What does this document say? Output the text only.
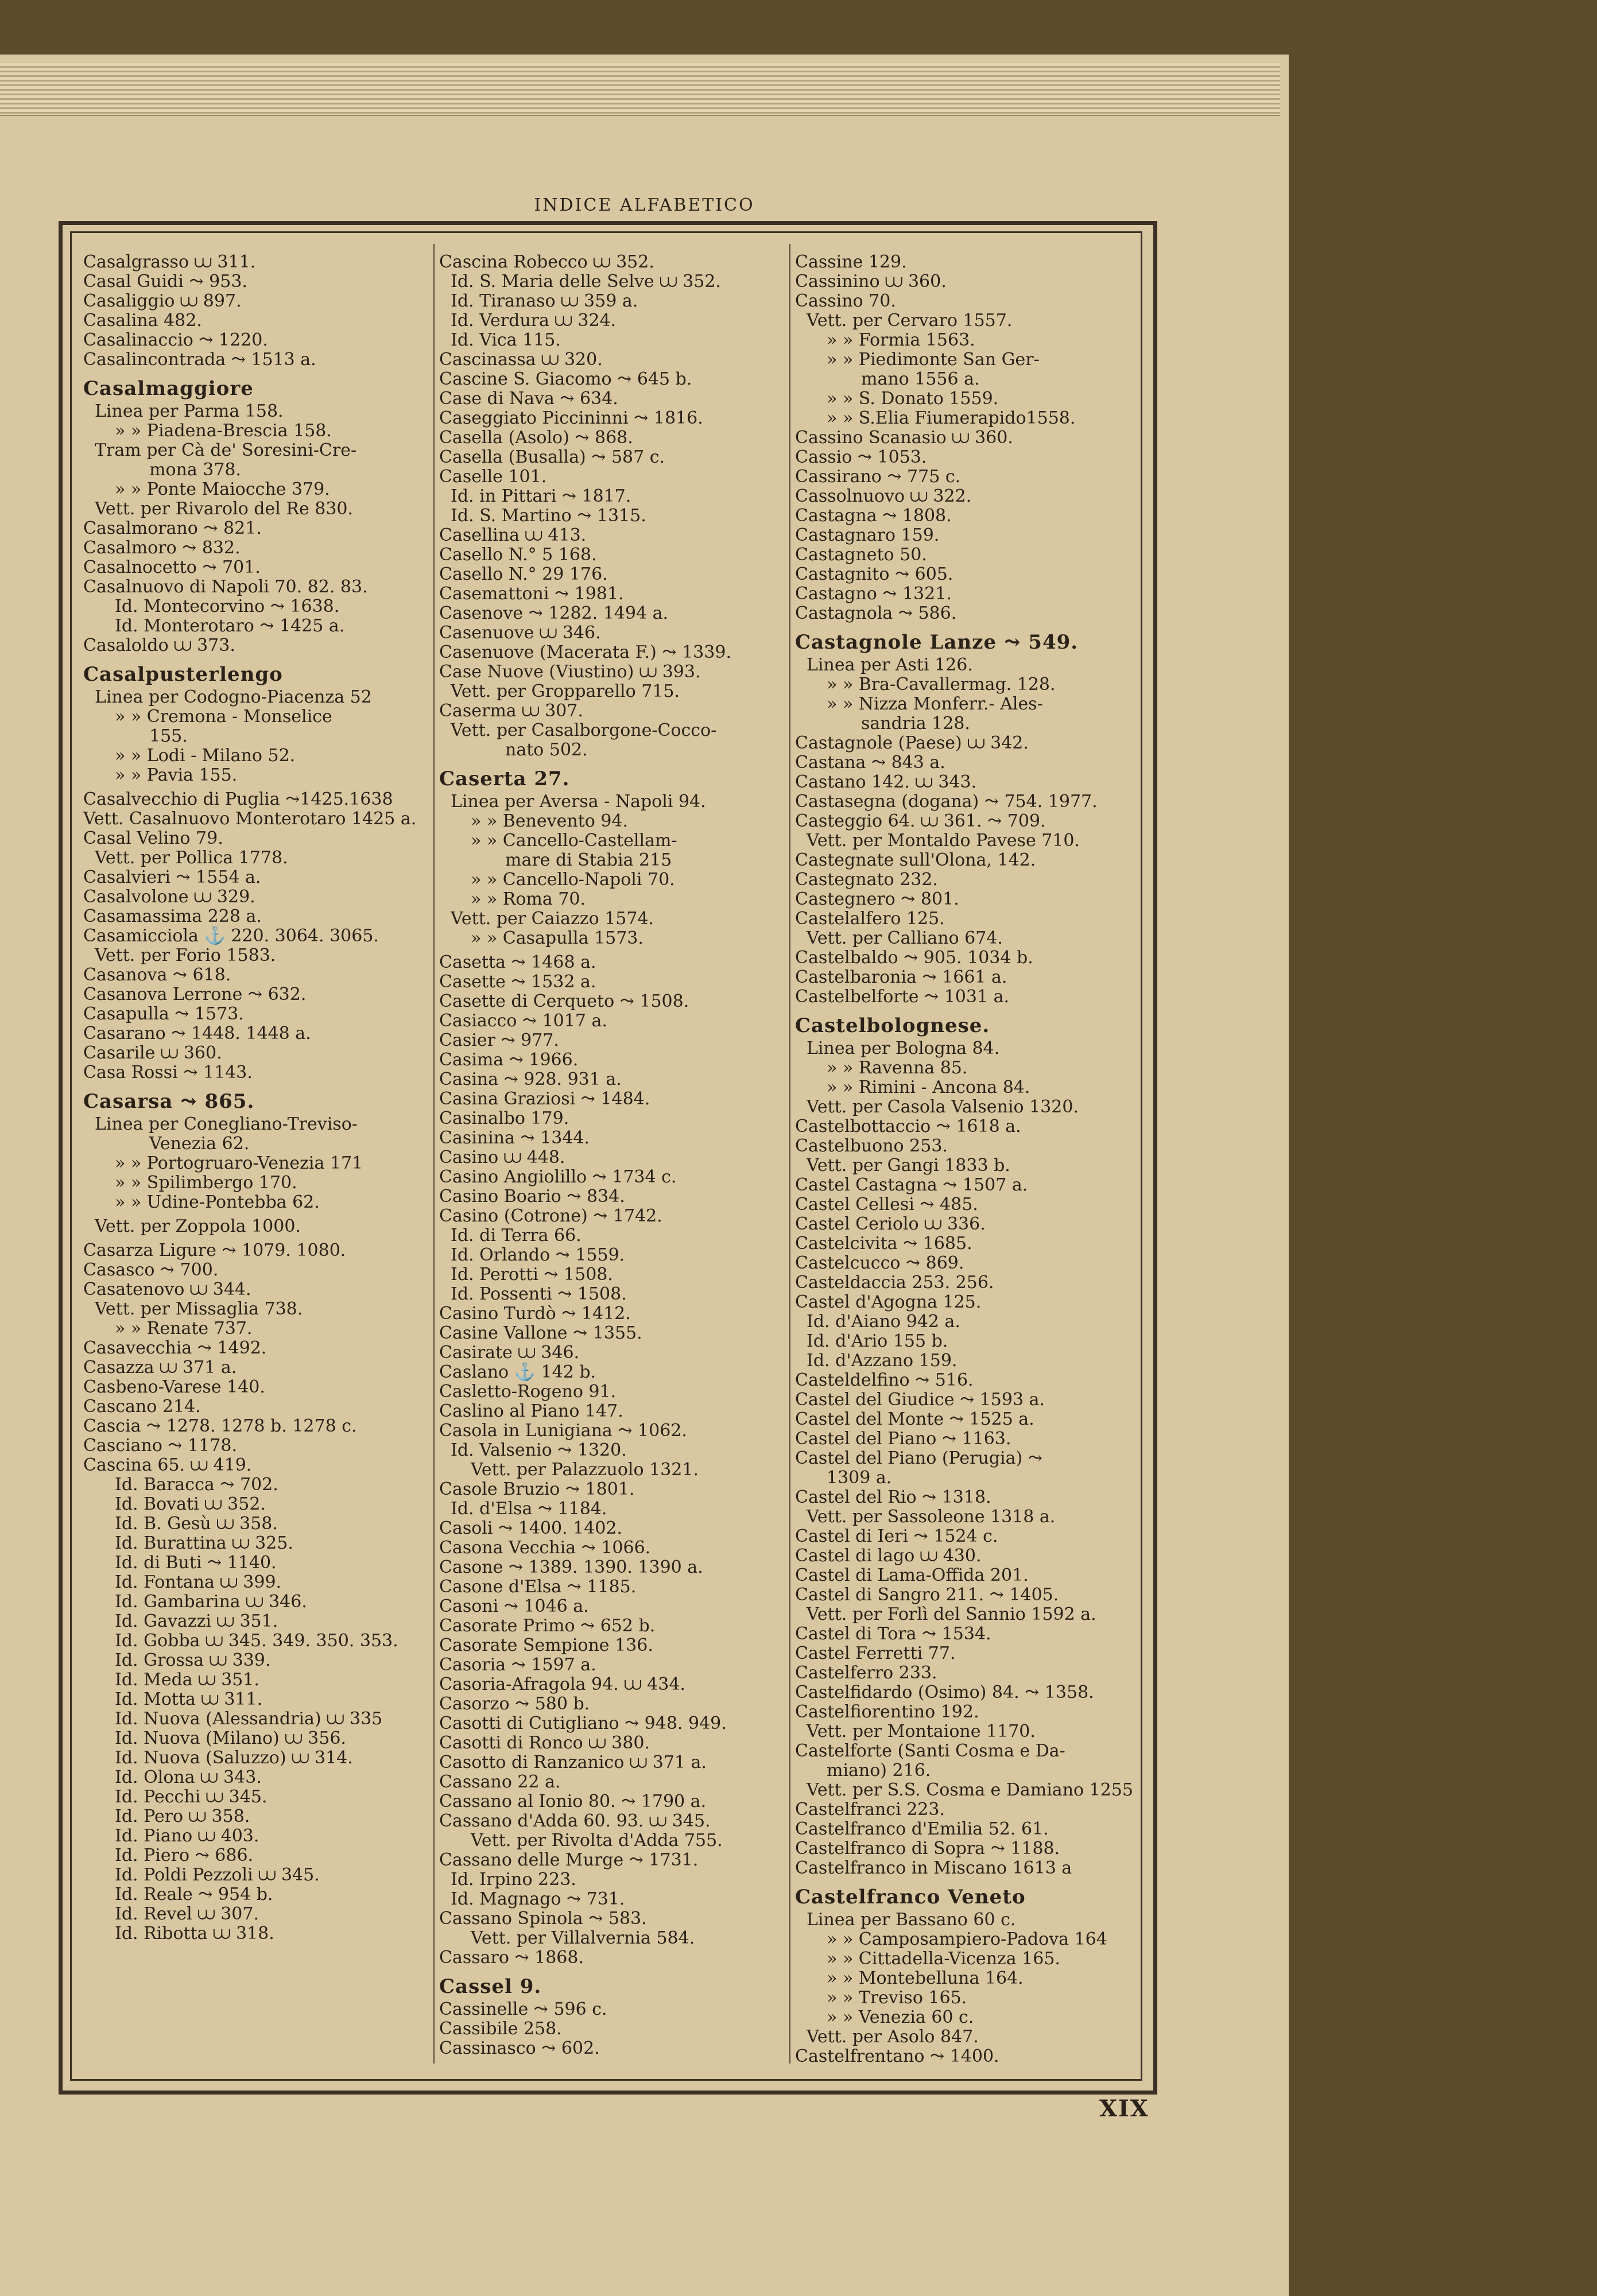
INDICE ALFABETICO
Casalgrasso ⩊ 311.
Casal Guidi ⤳ 953.
Casaliggio ⩊ 897.
Casalina 482.
Casalinaccio ⤳ 1220.
Casalincontrada ⤳ 1513 a.
Casalmaggiore
Linea per Parma 158.
» » Piadena-Brescia 158.
Tram per Cà de' Soresini-Cre-
mona 378.
» » Ponte Maiocche 379.
Vett. per Rivarolo del Re 830.
Casalmorano ⤳ 821.
Casalmoro ⤳ 832.
Casalnocetto ⤳ 701.
Casalnuovo di Napoli 70. 82. 83.
Id. Montecorvino ⤳ 1638.
Id. Monterotaro ⤳ 1425 a.
Casaloldo ⩊ 373.
Casalpusterlengo
Linea per Codogno-Piacenza 52
» » Cremona - Monselice
155.
» » Lodi - Milano 52.
» » Pavia 155.
Casalvecchio di Puglia ⤳1425.1638
Vett. Casalnuovo Monterotaro 1425 a.
Casal Velino 79.
Vett. per Pollica 1778.
Casalvieri ⤳ 1554 a.
Casalvolone ⩊ 329.
Casamassima 228 a.
Casamicciola ⚓ 220. 3064. 3065.
Vett. per Forio 1583.
Casanova ⤳ 618.
Casanova Lerrone ⤳ 632.
Casapulla ⤳ 1573.
Casarano ⤳ 1448. 1448 a.
Casarile ⩊ 360.
Casa Rossi ⤳ 1143.
Casarsa ⤳ 865.
Linea per Conegliano-Treviso-
Venezia 62.
» » Portogruaro-Venezia 171
» » Spilimbergo 170.
» » Udine-Pontebba 62.
Vett. per Zoppola 1000.
Casarza Ligure ⤳ 1079. 1080.
Casasco ⤳ 700.
Casatenovo ⩊ 344.
Vett. per Missaglia 738.
» » Renate 737.
Casavecchia ⤳ 1492.
Casazza ⩊ 371 a.
Casbeno-Varese 140.
Cascano 214.
Cascia ⤳ 1278. 1278 b. 1278 c.
Casciano ⤳ 1178.
Cascina 65. ⩊ 419.
Id. Baracca ⤳ 702.
Id. Bovati ⩊ 352.
Id. B. Gesù ⩊ 358.
Id. Burattina ⩊ 325.
Id. di Buti ⤳ 1140.
Id. Fontana ⩊ 399.
Id. Gambarina ⩊ 346.
Id. Gavazzi ⩊ 351.
Id. Gobba ⩊ 345. 349. 350. 353.
Id. Grossa ⩊ 339.
Id. Meda ⩊ 351.
Id. Motta ⩊ 311.
Id. Nuova (Alessandria) ⩊ 335
Id. Nuova (Milano) ⩊ 356.
Id. Nuova (Saluzzo) ⩊ 314.
Id. Olona ⩊ 343.
Id. Pecchi ⩊ 345.
Id. Pero ⩊ 358.
Id. Piano ⩊ 403.
Id. Piero ⤳ 686.
Id. Poldi Pezzoli ⩊ 345.
Id. Reale ⤳ 954 b.
Id. Revel ⩊ 307.
Id. Ribotta ⩊ 318.
Cascina Robecco ⩊ 352.
Id. S. Maria delle Selve ⩊ 352.
Id. Tiranaso ⩊ 359 a.
Id. Verdura ⩊ 324.
Id. Vica 115.
Cascinassa ⩊ 320.
Cascine S. Giacomo ⤳ 645 b.
Case di Nava ⤳ 634.
Caseggiato Piccininni ⤳ 1816.
Casella (Asolo) ⤳ 868.
Casella (Busalla) ⤳ 587 c.
Caselle 101.
Id. in Pittari ⤳ 1817.
Id. S. Martino ⤳ 1315.
Casellina ⩊ 413.
Casello N.° 5 168.
Casello N.° 29 176.
Casemattoni ⤳ 1981.
Casenove ⤳ 1282. 1494 a.
Casenuove ⩊ 346.
Casenuove (Macerata F.) ⤳ 1339.
Case Nuove (Viustino) ⩊ 393.
Vett. per Gropparello 715.
Caserma ⩊ 307.
Vett. per Casalborgone-Cocco-
nato 502.
Caserta 27.
Linea per Aversa - Napoli 94.
» » Benevento 94.
» » Cancello-Castellam-
mare di Stabia 215
» » Cancello-Napoli 70.
» » Roma 70.
Vett. per Caiazzo 1574.
» » Casapulla 1573.
Casetta ⤳ 1468 a.
Casette ⤳ 1532 a.
Casette di Cerqueto ⤳ 1508.
Casiacco ⤳ 1017 a.
Casier ⤳ 977.
Casima ⤳ 1966.
Casina ⤳ 928. 931 a.
Casina Graziosi ⤳ 1484.
Casinalbo 179.
Casinina ⤳ 1344.
Casino ⩊ 448.
Casino Angiolillo ⤳ 1734 c.
Casino Boario ⤳ 834.
Casino (Cotrone) ⤳ 1742.
Id. di Terra 66.
Id. Orlando ⤳ 1559.
Id. Perotti ⤳ 1508.
Id. Possenti ⤳ 1508.
Casino Turdò ⤳ 1412.
Casine Vallone ⤳ 1355.
Casirate ⩊ 346.
Caslano ⚓ 142 b.
Casletto-Rogeno 91.
Caslino al Piano 147.
Casola in Lunigiana ⤳ 1062.
Id. Valsenio ⤳ 1320.
Vett. per Palazzuolo 1321.
Casole Bruzio ⤳ 1801.
Id. d'Elsa ⤳ 1184.
Casoli ⤳ 1400. 1402.
Casona Vecchia ⤳ 1066.
Casone ⤳ 1389. 1390. 1390 a.
Casone d'Elsa ⤳ 1185.
Casoni ⤳ 1046 a.
Casorate Primo ⤳ 652 b.
Casorate Sempione 136.
Casoria ⤳ 1597 a.
Casoria-Afragola 94. ⩊ 434.
Casorzo ⤳ 580 b.
Casotti di Cutigliano ⤳ 948. 949.
Casotti di Ronco ⩊ 380.
Casotto di Ranzanico ⩊ 371 a.
Cassano 22 a.
Cassano al Ionio 80. ⤳ 1790 a.
Cassano d'Adda 60. 93. ⩊ 345.
Vett. per Rivolta d'Adda 755.
Cassano delle Murge ⤳ 1731.
Id. Irpino 223.
Id. Magnago ⤳ 731.
Cassano Spinola ⤳ 583.
Vett. per Villalvernia 584.
Cassaro ⤳ 1868.
Cassel 9.
Cassinelle ⤳ 596 c.
Cassibile 258.
Cassinasco ⤳ 602.
Cassine 129.
Cassinino ⩊ 360.
Cassino 70.
Vett. per Cervaro 1557.
» » Formia 1563.
» » Piedimonte San Ger-
mano 1556 a.
» » S. Donato 1559.
» » S.Elia Fiumerapido1558.
Cassino Scanasio ⩊ 360.
Cassio ⤳ 1053.
Cassirano ⤳ 775 c.
Cassolnuovo ⩊ 322.
Castagna ⤳ 1808.
Castagnaro 159.
Castagneto 50.
Castagnito ⤳ 605.
Castagno ⤳ 1321.
Castagnola ⤳ 586.
Castagnole Lanze ⤳ 549.
Linea per Asti 126.
» » Bra-Cavallermag. 128.
» » Nizza Monferr.- Ales-
sandria 128.
Castagnole (Paese) ⩊ 342.
Castana ⤳ 843 a.
Castano 142. ⩊ 343.
Castasegna (dogana) ⤳ 754. 1977.
Casteggio 64. ⩊ 361. ⤳ 709.
Vett. per Montaldo Pavese 710.
Castegnate sull'Olona, 142.
Castegnato 232.
Castegnero ⤳ 801.
Castelalfero 125.
Vett. per Calliano 674.
Castelbaldo ⤳ 905. 1034 b.
Castelbaronia ⤳ 1661 a.
Castelbelforte ⤳ 1031 a.
Castelbolognese.
Linea per Bologna 84.
» » Ravenna 85.
» » Rimini - Ancona 84.
Vett. per Casola Valsenio 1320.
Castelbottaccio ⤳ 1618 a.
Castelbuono 253.
Vett. per Gangi 1833 b.
Castel Castagna ⤳ 1507 a.
Castel Cellesi ⤳ 485.
Castel Ceriolo ⩊ 336.
Castelcivita ⤳ 1685.
Castelcucco ⤳ 869.
Casteldaccia 253. 256.
Castel d'Agogna 125.
Id. d'Aiano 942 a.
Id. d'Ario 155 b.
Id. d'Azzano 159.
Casteldelfino ⤳ 516.
Castel del Giudice ⤳ 1593 a.
Castel del Monte ⤳ 1525 a.
Castel del Piano ⤳ 1163.
Castel del Piano (Perugia) ⤳
1309 a.
Castel del Rio ⤳ 1318.
Vett. per Sassoleone 1318 a.
Castel di Ieri ⤳ 1524 c.
Castel di lago ⩊ 430.
Castel di Lama-Offida 201.
Castel di Sangro 211. ⤳ 1405.
Vett. per Forlì del Sannio 1592 a.
Castel di Tora ⤳ 1534.
Castel Ferretti 77.
Castelferro 233.
Castelfidardo (Osimo) 84. ⤳ 1358.
Castelfiorentino 192.
Vett. per Montaione 1170.
Castelforte (Santi Cosma e Da-
miano) 216.
Vett. per S.S. Cosma e Damiano 1255
Castelfranci 223.
Castelfranco d'Emilia 52. 61.
Castelfranco di Sopra ⤳ 1188.
Castelfranco in Miscano 1613 a
Castelfranco Veneto
Linea per Bassano 60 c.
» » Camposampiero-Padova 164
» » Cittadella-Vicenza 165.
» » Montebelluna 164.
» » Treviso 165.
» » Venezia 60 c.
Vett. per Asolo 847.
Castelfrentano ⤳ 1400.
XIX
